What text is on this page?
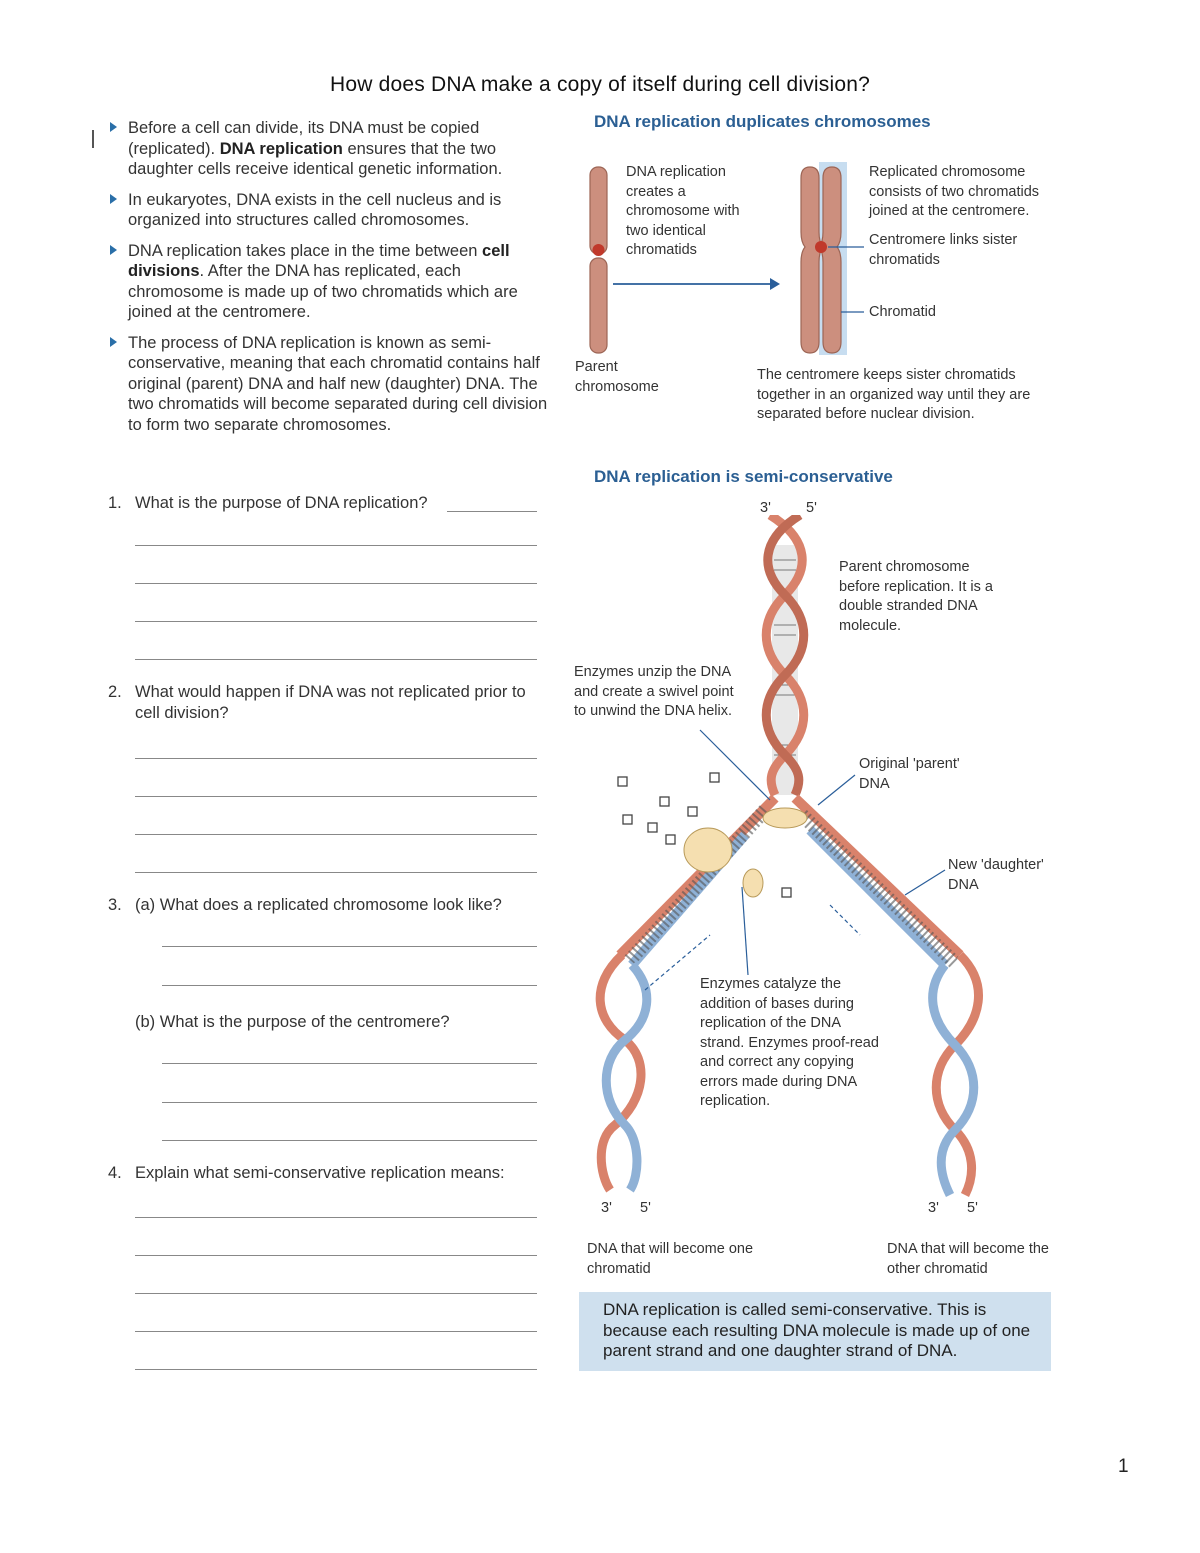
How does DNA make a copy of itself during cell division?
Before a cell can divide, its DNA must be copied (replicated). DNA replication ensures that the two daughter cells receive identical genetic information.
In eukaryotes, DNA exists in the cell nucleus and is organized into structures called chromosomes.
DNA replication takes place in the time between cell divisions. After the DNA has replicated, each chromosome is made up of two chromatids which are joined at the centromere.
The process of DNA replication is known as semi-conservative, meaning that each chromatid contains half original (parent) DNA and half new (daughter) DNA. The two chromatids will become separated during cell division to form two separate chromosomes.
1. What is the purpose of DNA replication?
2. What would happen if DNA was not replicated prior to cell division?
3. (a) What does a replicated chromosome look like?
(b) What is the purpose of the centromere?
4. Explain what semi-conservative replication means:
DNA replication duplicates chromosomes
DNA replication creates a chromosome with two identical chromatids
Parent chromosome
Replicated chromosome consists of two chromatids joined at the centromere.
Centromere links sister chromatids
Chromatid
The centromere keeps sister chromatids together in an organized way until they are separated before nuclear division.
DNA replication is semi-conservative
3' 5'
Parent chromosome before replication. It is a double stranded DNA molecule.
Enzymes unzip the DNA and create a swivel point to unwind the DNA helix.
Original 'parent' DNA
New 'daughter' DNA
Enzymes catalyze the addition of bases during replication of the DNA strand. Enzymes proof-read and correct any copying errors made during DNA replication.
3' 5'	3' 5'
DNA that will become one chromatid
DNA that will become the other chromatid
DNA replication is called semi-conservative. This is because each resulting DNA molecule is made up of one parent strand and one daughter strand of DNA.
1
